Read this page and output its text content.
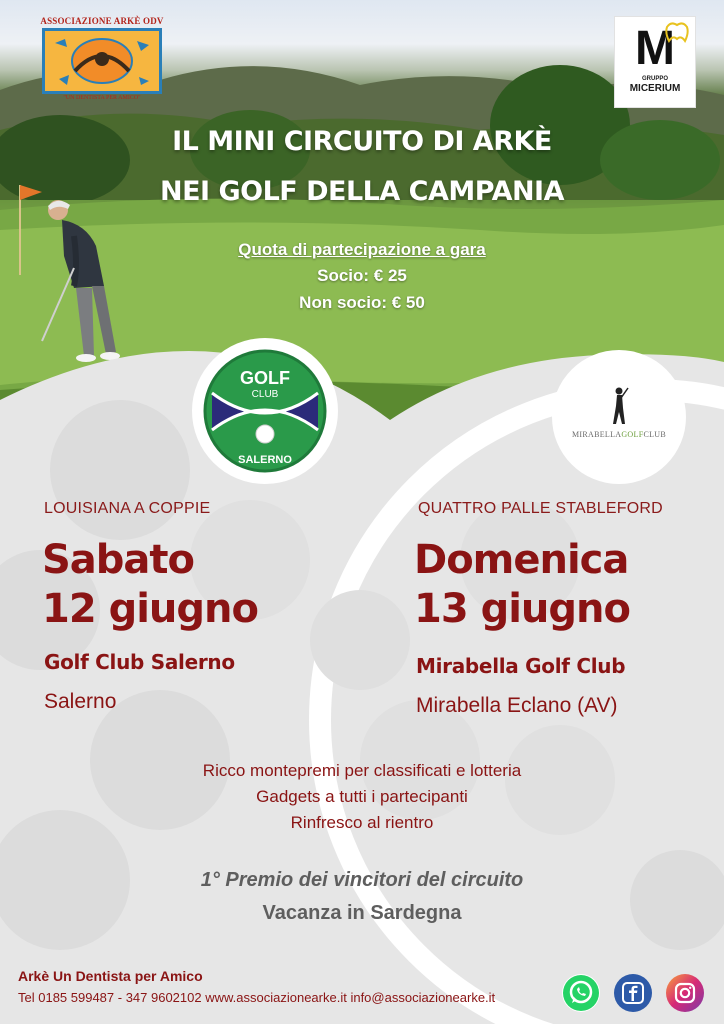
ASSOCIAZIONE ARKÈ ODV
"UN DENTISTA PER AMICO"
M
GRUPPO
MICERIUM
IL MINI CIRCUITO DI ARKÈ
NEI GOLF DELLA CAMPANIA
Quota di partecipazione a gara
Socio: € 25
Non socio: € 50
GOLF
CLUB
SALERNO
MIRABELLAGOLFCLUB
LOUISIANA A COPPIE
Sabato
12 giugno
Golf Club Salerno
Salerno
QUATTRO PALLE STABLEFORD
Domenica
13 giugno
Mirabella Golf Club
Mirabella Eclano (AV)
Ricco montepremi per classificati e lotteria
Gadgets a tutti i partecipanti
Rinfresco al rientro
1° Premio dei vincitori del circuito
Vacanza in Sardegna
Arkè Un Dentista per Amico
Tel 0185 599487 - 347 9602102 www.associazionearke.it info@associazionearke.it
